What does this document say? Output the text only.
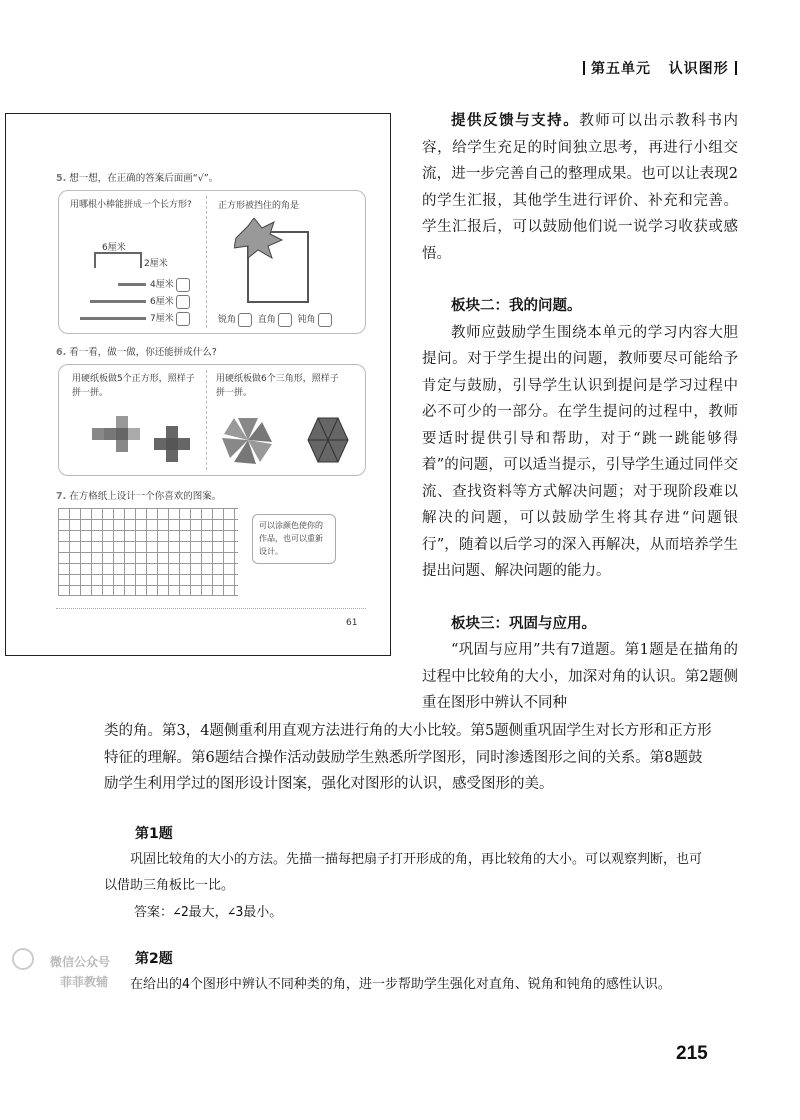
第五单元 认识图形
5. 想一想，在正确的答案后面画“√”。
用哪根小棒能拼成一个长方形?
6厘米
2厘米
4厘米
6厘米
7厘米
正方形被挡住的角是
锐角 直角 钝角
6. 看一看，做一做，你还能拼成什么?
用硬纸板做5个正方形，照样子拼一拼。
用硬纸板做6个三角形，照样子拼一拼。
7. 在方格纸上设计一个你喜欢的图案。
可以涂颜色使你的作品，也可以重新设计。
61

提供反馈与支持。教师可以出示教科书内容，给学生充足的时间独立思考，再进行小组交流，进一步完善自己的整理成果。也可以让表现2的学生汇报，其他学生进行评价、补充和完善。学生汇报后，可以鼓励他们说一说学习收获或感悟。

板块二：我的问题。

教师应鼓励学生围绕本单元的学习内容大胆提问。对于学生提出的问题，教师要尽可能给予肯定与鼓励，引导学生认识到提问是学习过程中必不可少的一部分。在学生提问的过程中，教师要适时提供引导和帮助，对于“跳一跳能够得着”的问题，可以适当提示，引导学生通过同伴交流、查找资料等方式解决问题；对于现阶段难以解决的问题，可以鼓励学生将其存进“问题银行”，随着以后学习的深入再解决，从而培养学生提出问题、解决问题的能力。

板块三：巩固与应用。

“巩固与应用”共有7道题。第1题是在描角的过程中比较角的大小，加深对角的认识。第2题侧重在图形中辨认不同种

类的角。第3，4题侧重利用直观方法进行角的大小比较。第5题侧重巩固学生对长方形和正方形特征的理解。第6题结合操作活动鼓励学生熟悉所学图形，同时渗透图形之间的关系。第8题鼓励学生利用学过的图形设计图案，强化对图形的认识，感受图形的美。
第1题
巩固比较角的大小的方法。先描一描每把扇子打开形成的角，再比较角的大小。可以观察判断，也可以借助三角板比一比。
答案：∠2最大，∠3最小。
第2题
在给出的4个图形中辨认不同种类的角，进一步帮助学生强化对直角、锐角和钝角的感性认识。
微信公众号
菲菲教辅
215
